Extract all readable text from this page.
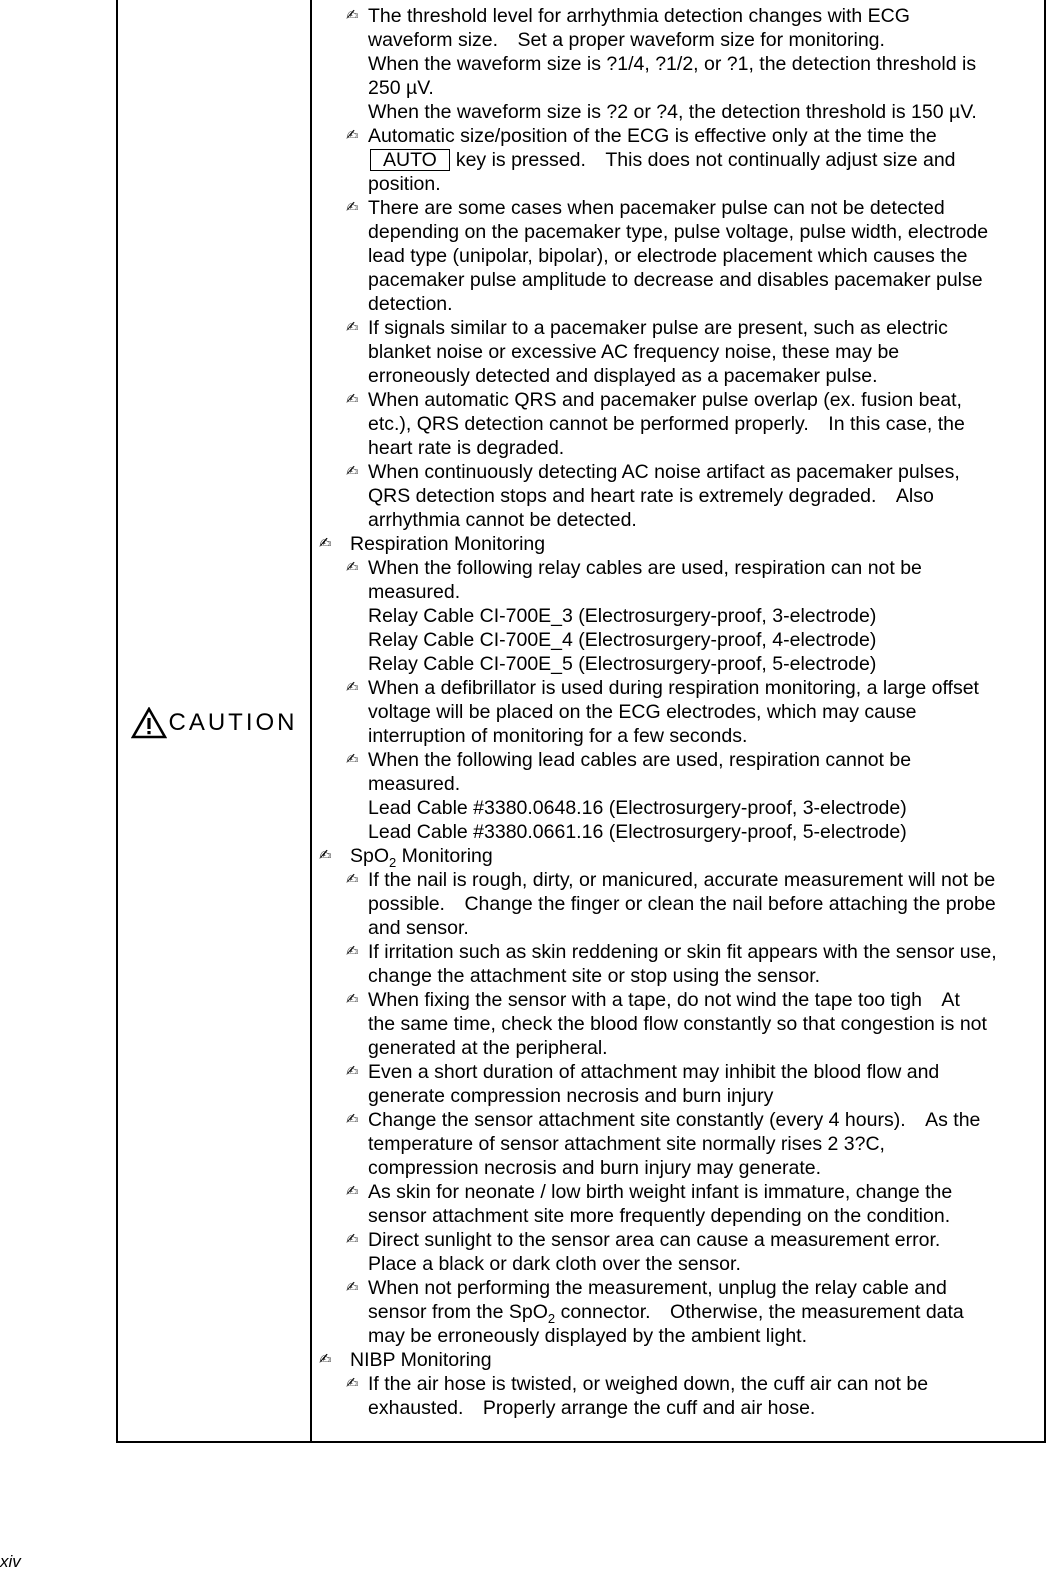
CAUTION
✍ The threshold level for arrhythmia detection changes with ECG
waveform size.　Set a proper waveform size for monitoring.
When the waveform size is ?1/4, ?1/2, or ?1, the detection threshold is
250 µV.
When the waveform size is ?2 or ?4, the detection threshold is 150 µV.
✍ Automatic size/position of the ECG is effective only at the time the
AUTO key is pressed.　This does not continually adjust size and
position.
✍ There are some cases when pacemaker pulse can not be detected
depending on the pacemaker type, pulse voltage, pulse width, electrode
lead type (unipolar, bipolar), or electrode placement which causes the
pacemaker pulse amplitude to decrease and disables pacemaker pulse
detection.
✍ If signals similar to a pacemaker pulse are present, such as electric
blanket noise or excessive AC frequency noise, these may be
erroneously detected and displayed as a pacemaker pulse.
✍ When automatic QRS and pacemaker pulse overlap (ex. fusion beat,
etc.), QRS detection cannot be performed properly.　In this case, the
heart rate is degraded.
✍ When continuously detecting AC noise artifact as pacemaker pulses,
QRS detection stops and heart rate is extremely degraded.　Also
arrhythmia cannot be detected.
✍ Respiration Monitoring
✍ When the following relay cables are used, respiration can not be
measured.
Relay Cable CI-700E_3 (Electrosurgery-proof, 3-electrode)
Relay Cable CI-700E_4 (Electrosurgery-proof, 4-electrode)
Relay Cable CI-700E_5 (Electrosurgery-proof, 5-electrode)
✍ When a defibrillator is used during respiration monitoring, a large offset
voltage will be placed on the ECG electrodes, which may cause
interruption of monitoring for a few seconds.
✍ When the following lead cables are used, respiration cannot be
measured.
Lead Cable #3380.0648.16 (Electrosurgery-proof, 3-electrode)
Lead Cable #3380.0661.16 (Electrosurgery-proof, 5-electrode)
✍ SpO$_2$ Monitoring
✍ If the nail is rough, dirty, or manicured, accurate measurement will not be
possible.　Change the finger or clean the nail before attaching the probe
and sensor.
✍ If irritation such as skin reddening or skin fit appears with the sensor use,
change the attachment site or stop using the sensor.
✍ When fixing the sensor with a tape, do not wind the tape too tigh　At
the same time, check the blood flow constantly so that congestion is not
generated at the peripheral.
✍ Even a short duration of attachment may inhibit the blood flow and
generate compression necrosis and burn injury
✍ Change the sensor attachment site constantly (every 4 hours).　As the
temperature of sensor attachment site normally rises 2 3?C,
compression necrosis and burn injury may generate.
✍ As skin for neonate / low birth weight infant is immature, change the
sensor attachment site more frequently depending on the condition.
✍ Direct sunlight to the sensor area can cause a measurement error.
Place a black or dark cloth over the sensor.
✍ When not performing the measurement, unplug the relay cable and
sensor from the SpO$_2$ connector.　Otherwise, the measurement data
may be erroneously displayed by the ambient light.
✍ NIBP Monitoring
✍ If the air hose is twisted, or weighed down, the cuff air can not be
exhausted.　Properly arrange the cuff and air hose.
xiv
